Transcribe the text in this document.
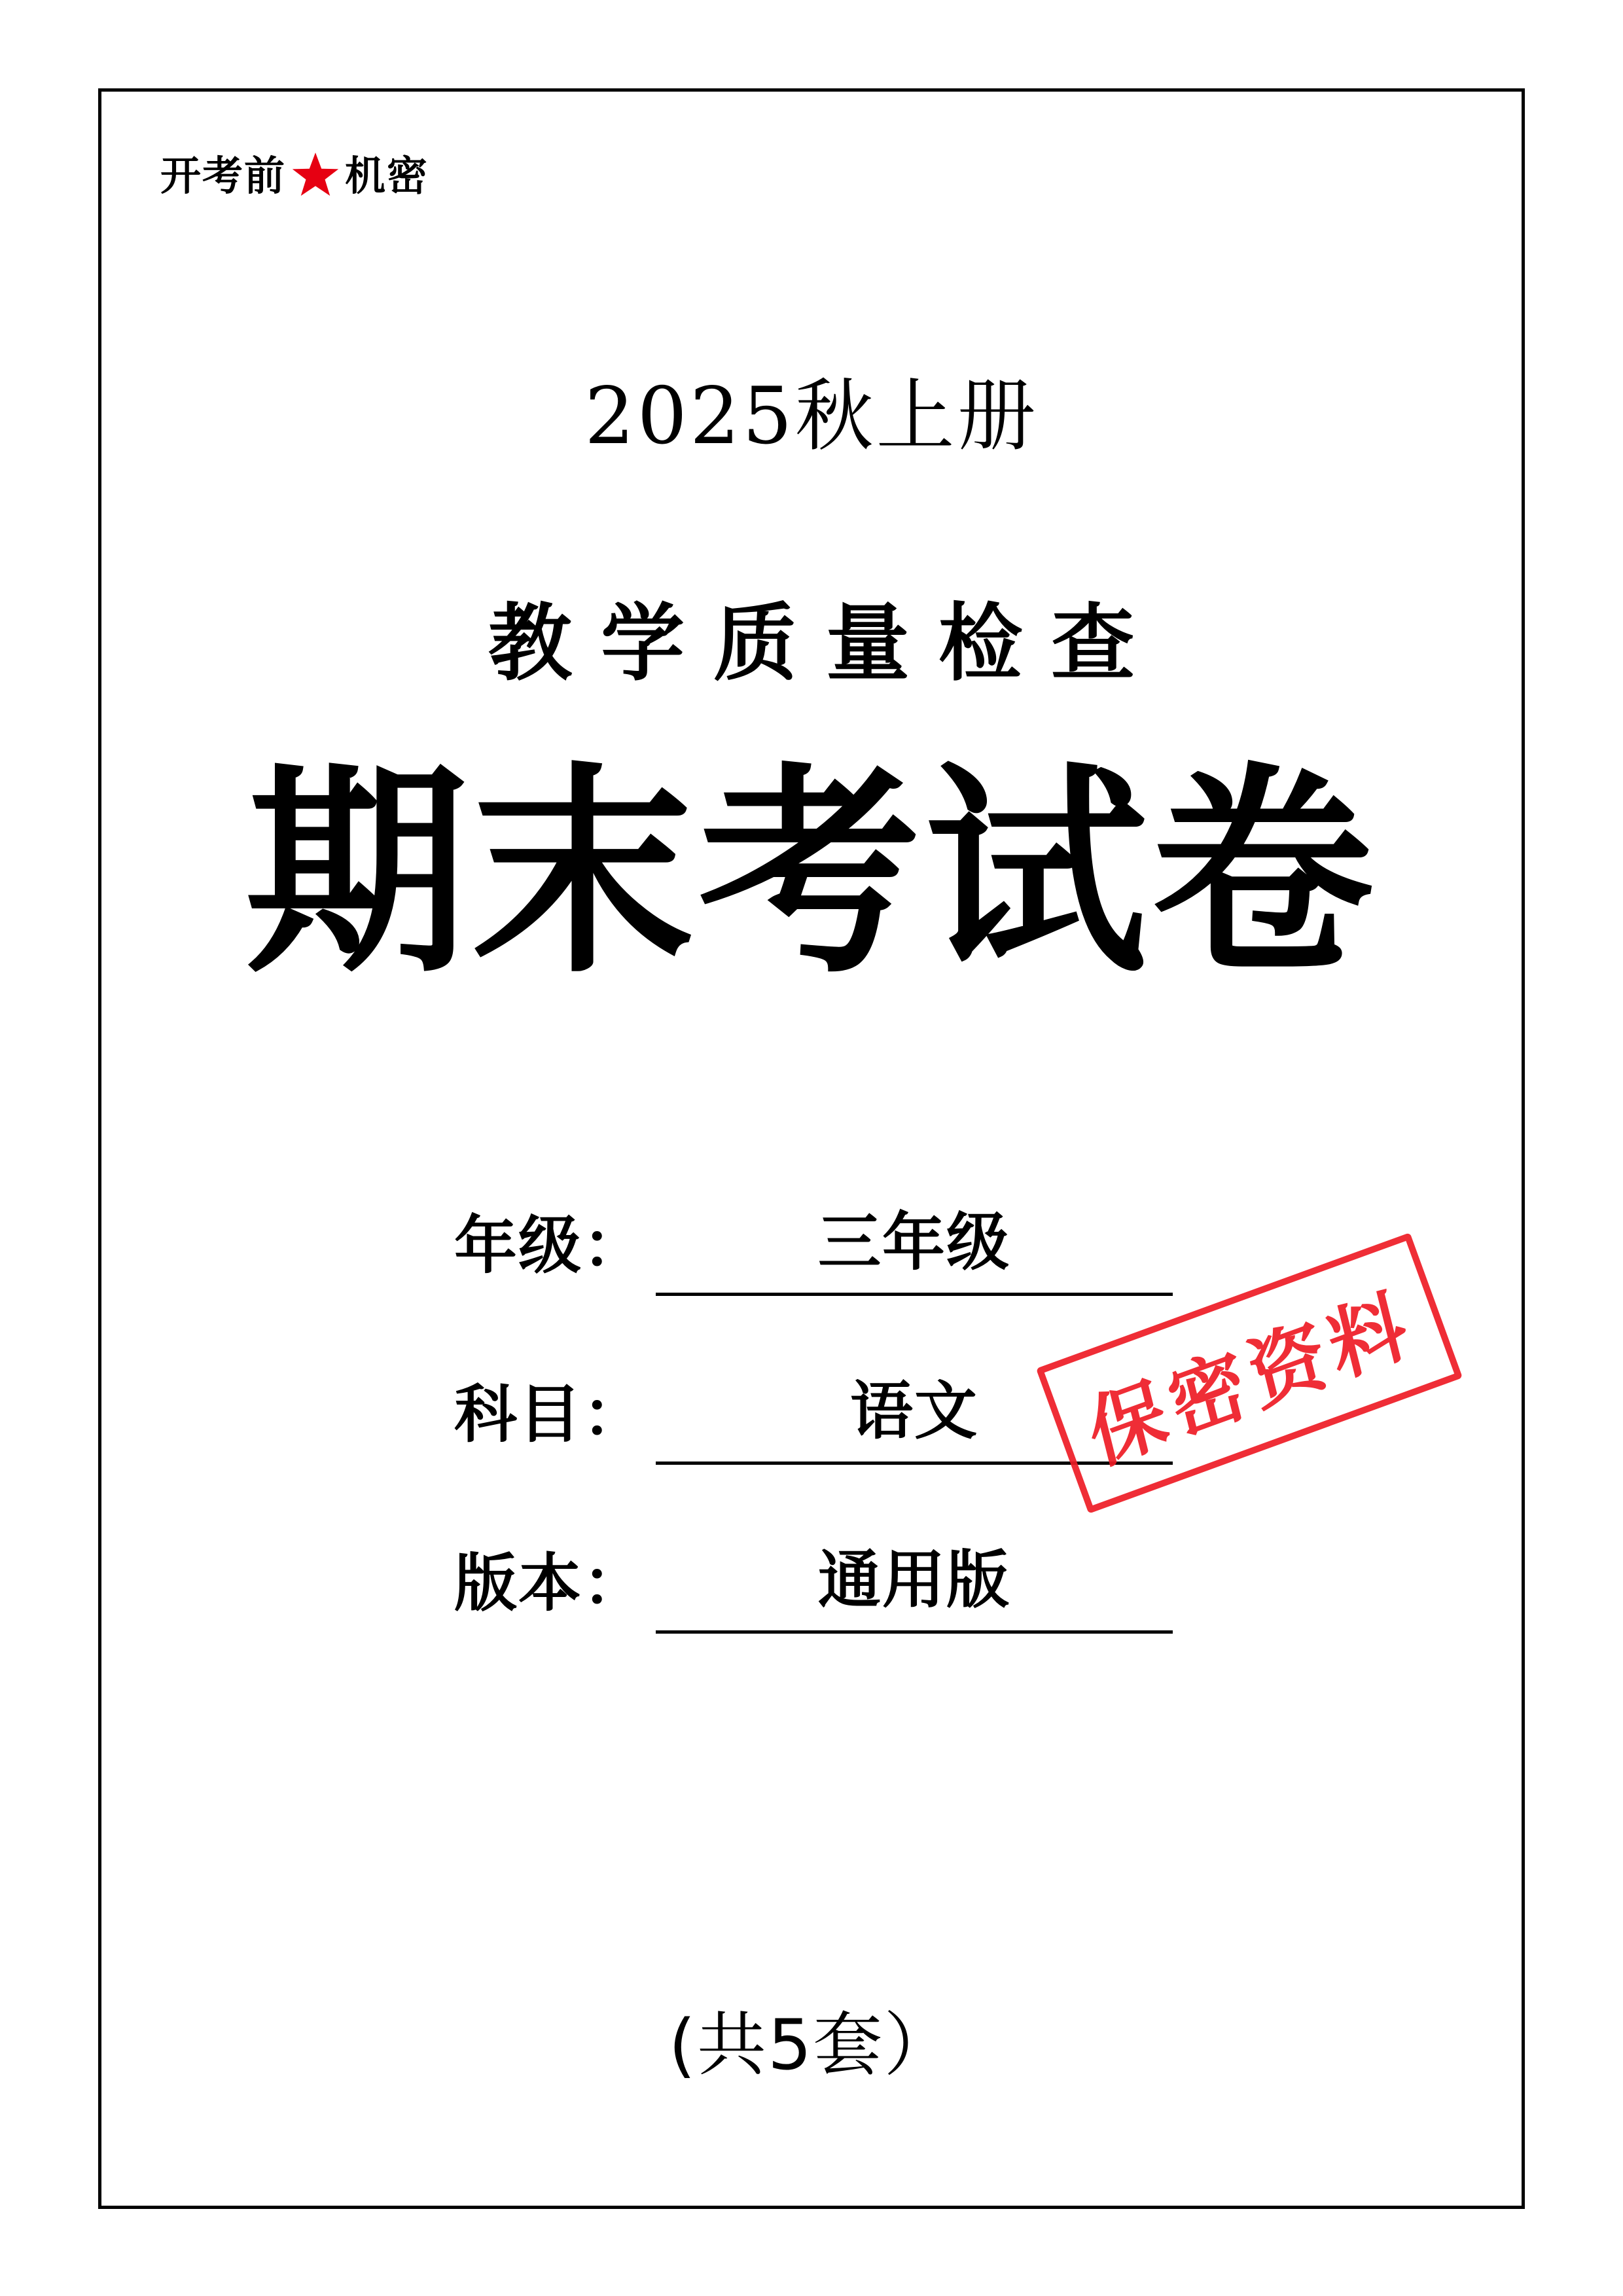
开考前 机密
2025秋上册
教学质量检查
期末考试卷
年级：	三年级
科目：	语文
版本：	通用版
保密资料
(共5套）
